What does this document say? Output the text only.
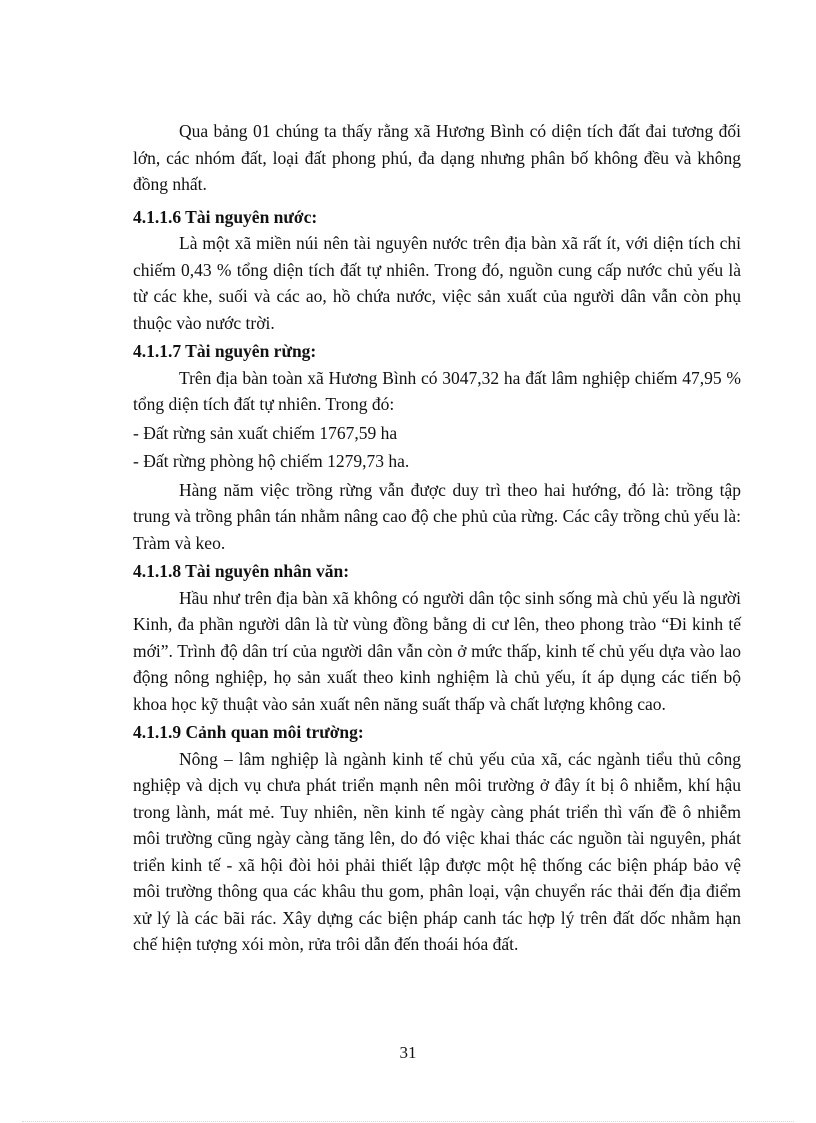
Qua bảng 01 chúng ta thấy rằng xã Hương Bình có diện tích đất đai tương đối lớn, các nhóm đất, loại đất phong phú, đa dạng nhưng phân bố không đều và không đồng nhất.

4.1.1.6 Tài nguyên nước:

Là một xã miền núi nên tài nguyên nước trên địa bàn xã rất ít, với diện tích chỉ chiếm 0,43 % tổng diện tích đất tự nhiên. Trong đó, nguồn cung cấp nước chủ yếu là từ các khe, suối và các ao, hồ chứa nước, việc sản xuất của người dân vẫn còn phụ thuộc vào nước trời.

4.1.1.7 Tài nguyên rừng:

Trên địa bàn toàn xã Hương Bình có 3047,32 ha đất lâm nghiệp chiếm 47,95 % tổng diện tích đất tự nhiên. Trong đó:

- Đất rừng sản xuất chiếm 1767,59 ha

- Đất rừng phòng hộ chiếm 1279,73 ha.

Hàng năm việc trồng rừng vẫn được duy trì theo hai hướng, đó là: trồng tập trung và trồng phân tán nhằm nâng cao độ che phủ của rừng. Các cây trồng chủ yếu là: Tràm và keo.

4.1.1.8 Tài nguyên nhân văn:

Hầu như trên địa bàn xã không có người dân tộc sinh sống mà chủ yếu là người Kinh, đa phần người dân là từ vùng đồng bằng di cư lên, theo phong trào “Đi kinh tế mới”. Trình độ dân trí của người dân vẫn còn ở mức thấp, kinh tế chủ yếu dựa vào lao động nông nghiệp, họ sản xuất theo kinh nghiệm là chủ yếu, ít áp dụng các tiến bộ khoa học kỹ thuật vào sản xuất nên năng suất thấp và chất lượng không cao.

4.1.1.9 Cảnh quan môi trường:

Nông – lâm nghiệp là ngành kinh tế chủ yếu của xã, các ngành tiểu thủ công nghiệp và dịch vụ chưa phát triển mạnh nên môi trường ở đây ít bị ô nhiễm, khí hậu trong lành, mát mẻ. Tuy nhiên, nền kinh tế ngày càng phát triển thì vấn đề ô nhiễm môi trường cũng ngày càng tăng lên, do đó việc khai thác các nguồn tài nguyên, phát triển kinh tế - xã hội đòi hỏi phải thiết lập được một hệ thống các biện pháp bảo vệ môi trường thông qua các khâu thu gom, phân loại, vận chuyển rác thải đến địa điểm xử lý là các bãi rác. Xây dựng các biện pháp canh tác hợp lý trên đất dốc nhằm hạn chế hiện tượng xói mòn, rửa trôi dẫn đến thoái hóa đất.

31
